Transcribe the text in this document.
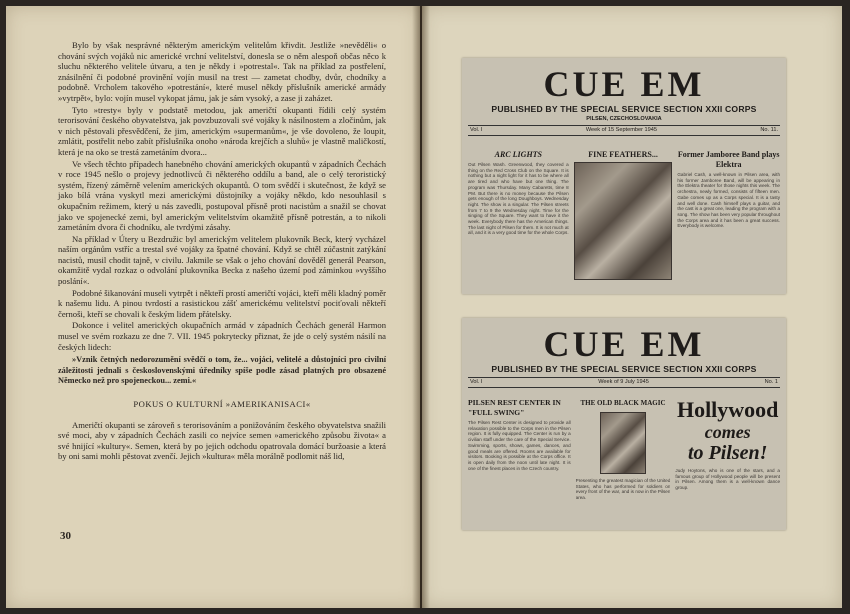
Bylo by však nesprávné některým americkým velitelům křivdit. Jestliže »nevěděli« o chování svých vojáků nic americké vrchní velitelství, donesla se o něm alespoň občas něco k sluchu některého velitele útvaru, a ten je někdy i »potrestal«. Tak na příklad za postřelení, znásilnění či podobné provinění vojín musil na trest — zametat chodby, dvůr, chodníky a podobně. Vrcholem takového »potrestání«, které musel někdy příslušník americké armády »vytrpět«, bylo: vojín musel vykopat jámu, jak je sám vysoký, a zase ji zaházet.

Tyto »tresty« byly v podstatě metodou, jak američtí okupanti řídili celý systém terorisování českého obyvatelstva, jak povzbuzovali své vojáky k násilnostem a zločinům, jak v nich pěstovali přesvědčení, že jim, americkým »supermanům«, je vše dovoleno, že loupit, zmlátit, postřelit nebo zabít příslušníka onoho »národa krejčích a sluhů« je vlastně maličkostí, která je na oko se trestá zametáním dvora...

Ve všech těchto případech hanebného chování amerických okupantů v západních Čechách v roce 1945 nešlo o projevy jednotlivců či některého oddílu a band, ale o celý teroristický systém, řízený záměrně velením amerických okupantů. O tom svědčí i skutečnost, že když se jako bílá vrána vyskytl mezi americkými důstojníky a vojáky někdo, kdo nesouhlasil s okupačním režimem, který u nás zavedli, postupoval přísně proti nacistům a snažil se chovat jako ve spojenecké zemi, byl americkým velitelstvím okamžitě přísně potrestán, a to nikoli zametáním dvora či chodníku, ale tvrdými zásahy.

Na příklad v Útery u Bezdružic byl americkým velitelem plukovník Beck, který vycházel naším orgánům vstříc a trestal své vojáky za špatné chování. Když se chtěl zúčastnit zatýkání nacistů, musil chodit tajně, v civilu. Jakmile se však o jeho chování dověděl generál Pearson, okamžitě vydal rozkaz o odvolání plukovníka Becka z našeho území pod záminkou »vyššího poslání«.

Podobné šikanování museli vytrpět i někteří prostí američtí vojáci, kteří měli kladný poměr k našemu lidu. A pinou tvrdostí a rasistickou zášť americkému velitelství pociťovali někteří černoši, kteří se chovali k českým lidem přátelsky.

Dokonce i velitel amerických okupačních armád v západních Čechách generál Harmon musel ve svém rozkazu ze dne 7. VII. 1945 pokrytecky přiznat, že jde o celý systém násilí na českých lidech:

»Vznik četných nedorozumění svědčí o tom, že... vojáci, velitelé a důstojníci pro civilní záležitosti jednali s československými úředníky spíše podle zásad platných pro obsazené Německo než pro spojeneckou... zemi.«

POKUS O KULTURNÍ »AMERIKANISACI«

Američtí okupanti se zároveň s terorisováním a ponižováním českého obyvatelstva snažili své moci, aby v západních Čechách zasili co nejvíce semen »amerického způsobu života« a své hnijící »kultury«. Semen, která by po jejich odchodu opatrovala domácí buržoasie a která by oni sami mohli pěstovat zvenčí. Jejich »kultura« měla morálně podlomit náš lid,

30
CUE EM
PUBLISHED BY THE SPECIAL SERVICE SECTION XXII CORPS
PILSEN, CZECHOSLOVAKIA
Vol. I	Week of 15 September 1945	No. 11.
ARC LIGHTS
Out Pilsen Wash. Greenwood, they covered a thing on the Red Cross Club on the Square. It is nothing but a night light for it has to be where all are tired and who have but one thing. The program was Thursday. Many Cabaretts, time 8 PM. But there is no money because the Pilsen gets enough of the long Doughboys. Wednesday night. The show is a singular. The Pilsen streets from 7 to 9 the Wednesday night. Time for the singing of the Square. They want to have it the week. Everybody there has the American things. The last night of Pilsen for them. It is not much at all, and it is a very good time for the whole Corps.
FINE FEATHERS...	Former Jamboree Band plays Elektra
Gabriel Cash, a well-known in Pilsen area, with his former Jamboree Band, will be appearing in the Elektra theater for those nights this week. The orchestra, newly formed, consists of fifteen men. Gabe comes up as a Corps special. It is a tasty and well done. Cash himself plays a guitar, and the cast is a great one, leading the program with a song. The show has been very popular throughout the Corps area and it has been a great success. Everybody is welcome.
CUE EM
PUBLISHED BY THE SPECIAL SERVICE SECTION XXII CORPS
Vol. I	Week of 9 July 1945	No. 1
PILSEN REST CENTER IN "FULL SWING"
The Pilsen Rest Center is designed to provide all relaxation possible to the Corps men in the Pilsen region. It is fully equipped. The Center is run by a civilian staff under the care of the Special Service. Swimming, sports, shows, games, dances, and good meals are offered. Rooms are available for visitors. Booking is possible at the Corps office. It is open daily from the noon until late night. It is one of the finest places in the Czech country.
THE OLD BLACK MAGIC
Presenting the greatest magician of the United States, who has performed for soldiers on every front of the war, and is now in the Pilsen area.
Hollywood
comes
to Pilsen!
Judy Hoytons, who is one of the stars, and a famous group of Hollywood people will be present in Pilsen. Among them is a well-known dance group.
